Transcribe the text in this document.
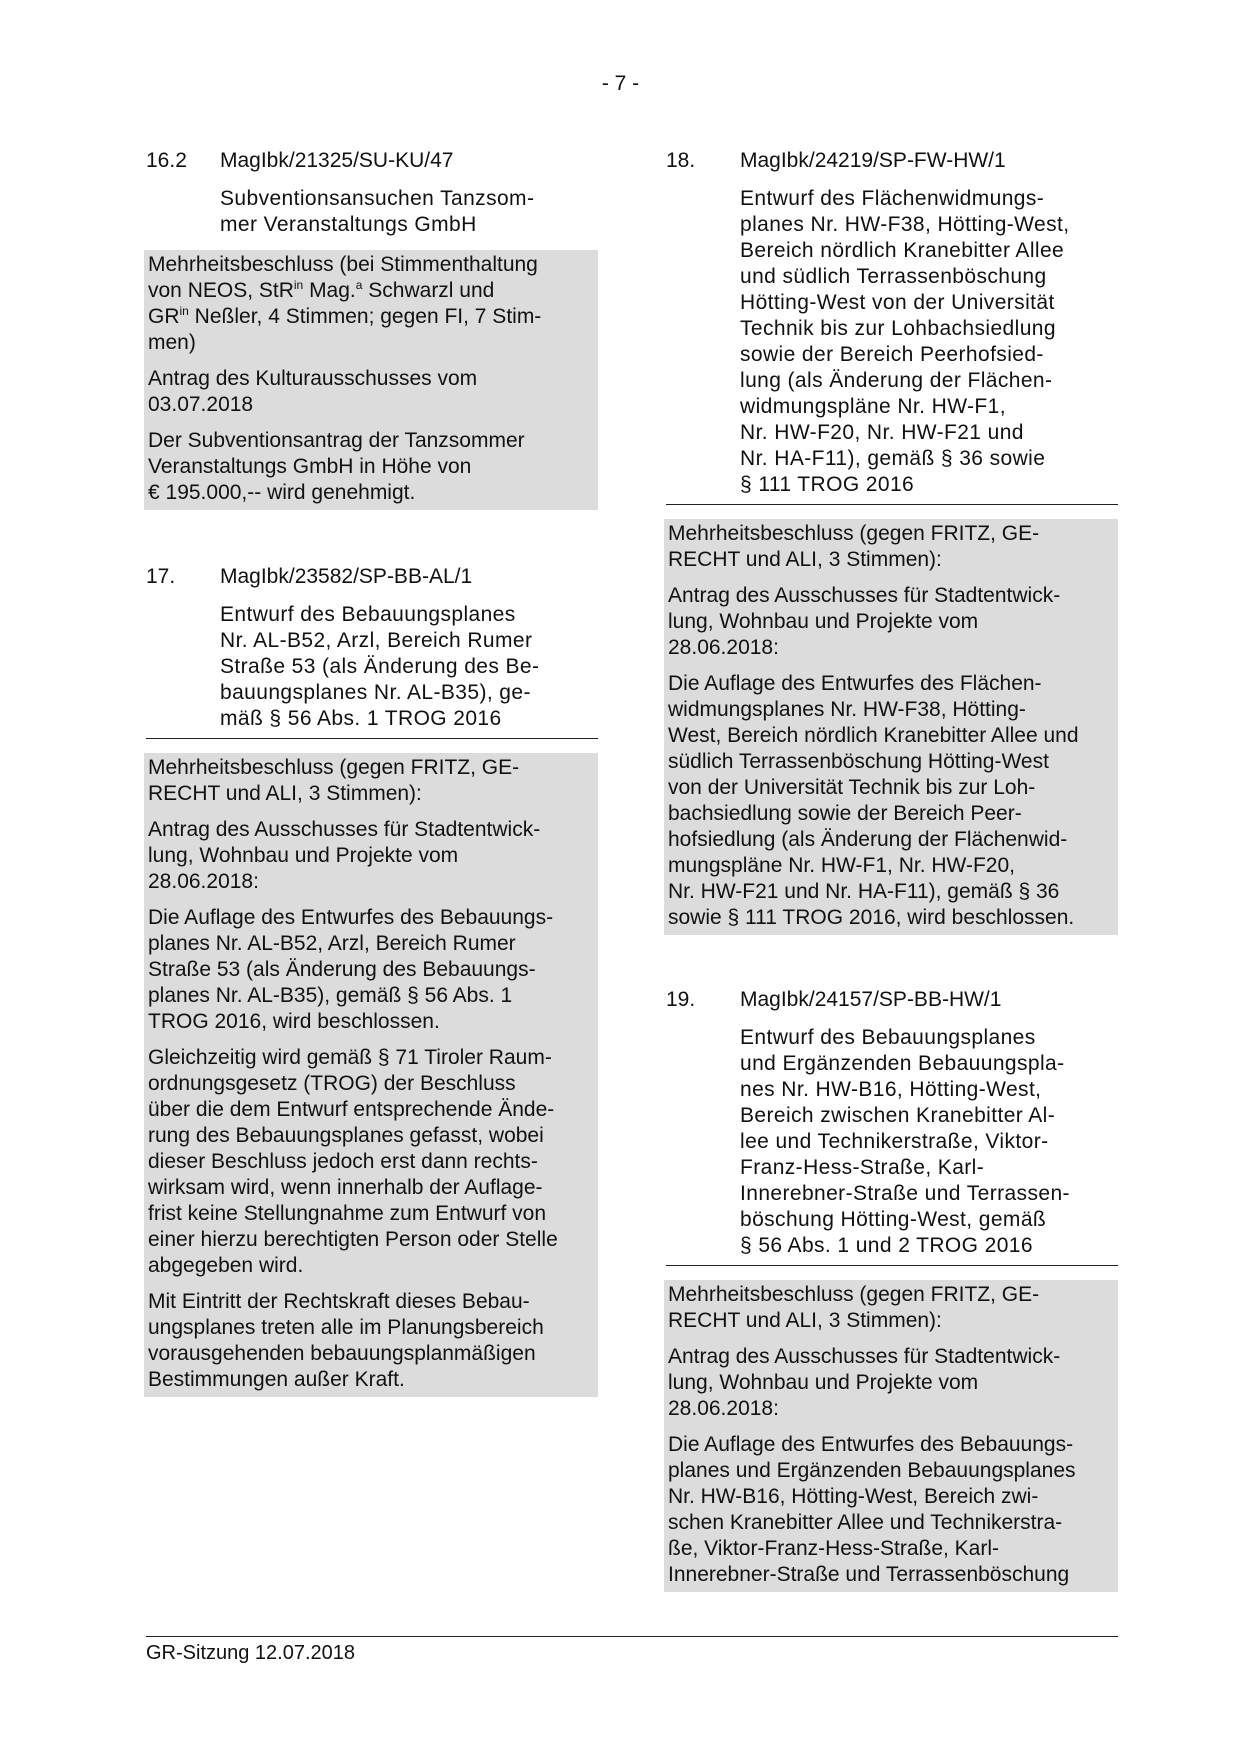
- 7 -
16.2	MagIbk/21325/SU-KU/47
Subventionsansuchen Tanzsom-
mer Veranstaltungs GmbH

Mehrheitsbeschluss (bei Stimmenthaltung
von NEOS, StR$^{in}$ Mag.$^a$ Schwarzl und
$GR^{in}$ Neßler, 4 Stimmen; gegen FI, 7 Stim-
men)

Antrag des Kulturausschusses vom
03.07.2018

Der Subventionsantrag der Tanzsommer
Veranstaltungs GmbH in Höhe von
€ 195.000,-- wird genehmigt.

17.	MagIbk/23582/SP-BB-AL/1
Entwurf des Bebauungsplanes
Nr. AL-B52, Arzl, Bereich Rumer
Straße 53 (als Änderung des Be-
bauungsplanes Nr. AL-B35), ge-
mäß § 56 Abs. 1 TROG 2016

Mehrheitsbeschluss (gegen FRITZ, GE-
RECHT und ALI, 3 Stimmen):

Antrag des Ausschusses für Stadtentwick-
lung, Wohnbau und Projekte vom
28.06.2018:

Die Auflage des Entwurfes des Bebauungs-
planes Nr. AL-B52, Arzl, Bereich Rumer
Straße 53 (als Änderung des Bebauungs-
planes Nr. AL-B35), gemäß § 56 Abs. 1
TROG 2016, wird beschlossen.

Gleichzeitig wird gemäß § 71 Tiroler Raum-
ordnungsgesetz (TROG) der Beschluss
über die dem Entwurf entsprechende Ände-
rung des Bebauungsplanes gefasst, wobei
dieser Beschluss jedoch erst dann rechts-
wirksam wird, wenn innerhalb der Auflage-
frist keine Stellungnahme zum Entwurf von
einer hierzu berechtigten Person oder Stelle
abgegeben wird.

Mit Eintritt der Rechtskraft dieses Bebau-
ungsplanes treten alle im Planungsbereich
vorausgehenden bebauungsplanmäßigen
Bestimmungen außer Kraft.

18.	MagIbk/24219/SP-FW-HW/1
Entwurf des Flächenwidmungs-
planes Nr. HW-F38, Hötting-West,
Bereich nördlich Kranebitter Allee
und südlich Terrassenböschung
Hötting-West von der Universität
Technik bis zur Lohbachsiedlung
sowie der Bereich Peerhofsied-
lung (als Änderung der Flächen-
widmungspläne Nr. HW-F1,
Nr. HW-F20, Nr. HW-F21 und
Nr. HA-F11), gemäß § 36 sowie
§ 111 TROG 2016

Mehrheitsbeschluss (gegen FRITZ, GE-
RECHT und ALI, 3 Stimmen):

Antrag des Ausschusses für Stadtentwick-
lung, Wohnbau und Projekte vom
28.06.2018:

Die Auflage des Entwurfes des Flächen-
widmungsplanes Nr. HW-F38, Hötting-
West, Bereich nördlich Kranebitter Allee und
südlich Terrassenböschung Hötting-West
von der Universität Technik bis zur Loh-
bachsiedlung sowie der Bereich Peer-
hofsiedlung (als Änderung der Flächenwid-
mungspläne Nr. HW-F1, Nr. HW-F20,
Nr. HW-F21 und Nr. HA-F11), gemäß § 36
sowie § 111 TROG 2016, wird beschlossen.

19.	MagIbk/24157/SP-BB-HW/1
Entwurf des Bebauungsplanes
und Ergänzenden Bebauungspla-
nes Nr. HW-B16, Hötting-West,
Bereich zwischen Kranebitter Al-
lee und Technikerstraße, Viktor-
Franz-Hess-Straße, Karl-
Innerebner-Straße und Terrassen-
böschung Hötting-West, gemäß
§ 56 Abs. 1 und 2 TROG 2016

Mehrheitsbeschluss (gegen FRITZ, GE-
RECHT und ALI, 3 Stimmen):

Antrag des Ausschusses für Stadtentwick-
lung, Wohnbau und Projekte vom
28.06.2018:

Die Auflage des Entwurfes des Bebauungs-
planes und Ergänzenden Bebauungsplanes
Nr. HW-B16, Hötting-West, Bereich zwi-
schen Kranebitter Allee und Technikerstra-
ße, Viktor-Franz-Hess-Straße, Karl-
Innerebner-Straße und Terrassenböschung

GR-Sitzung 12.07.2018
